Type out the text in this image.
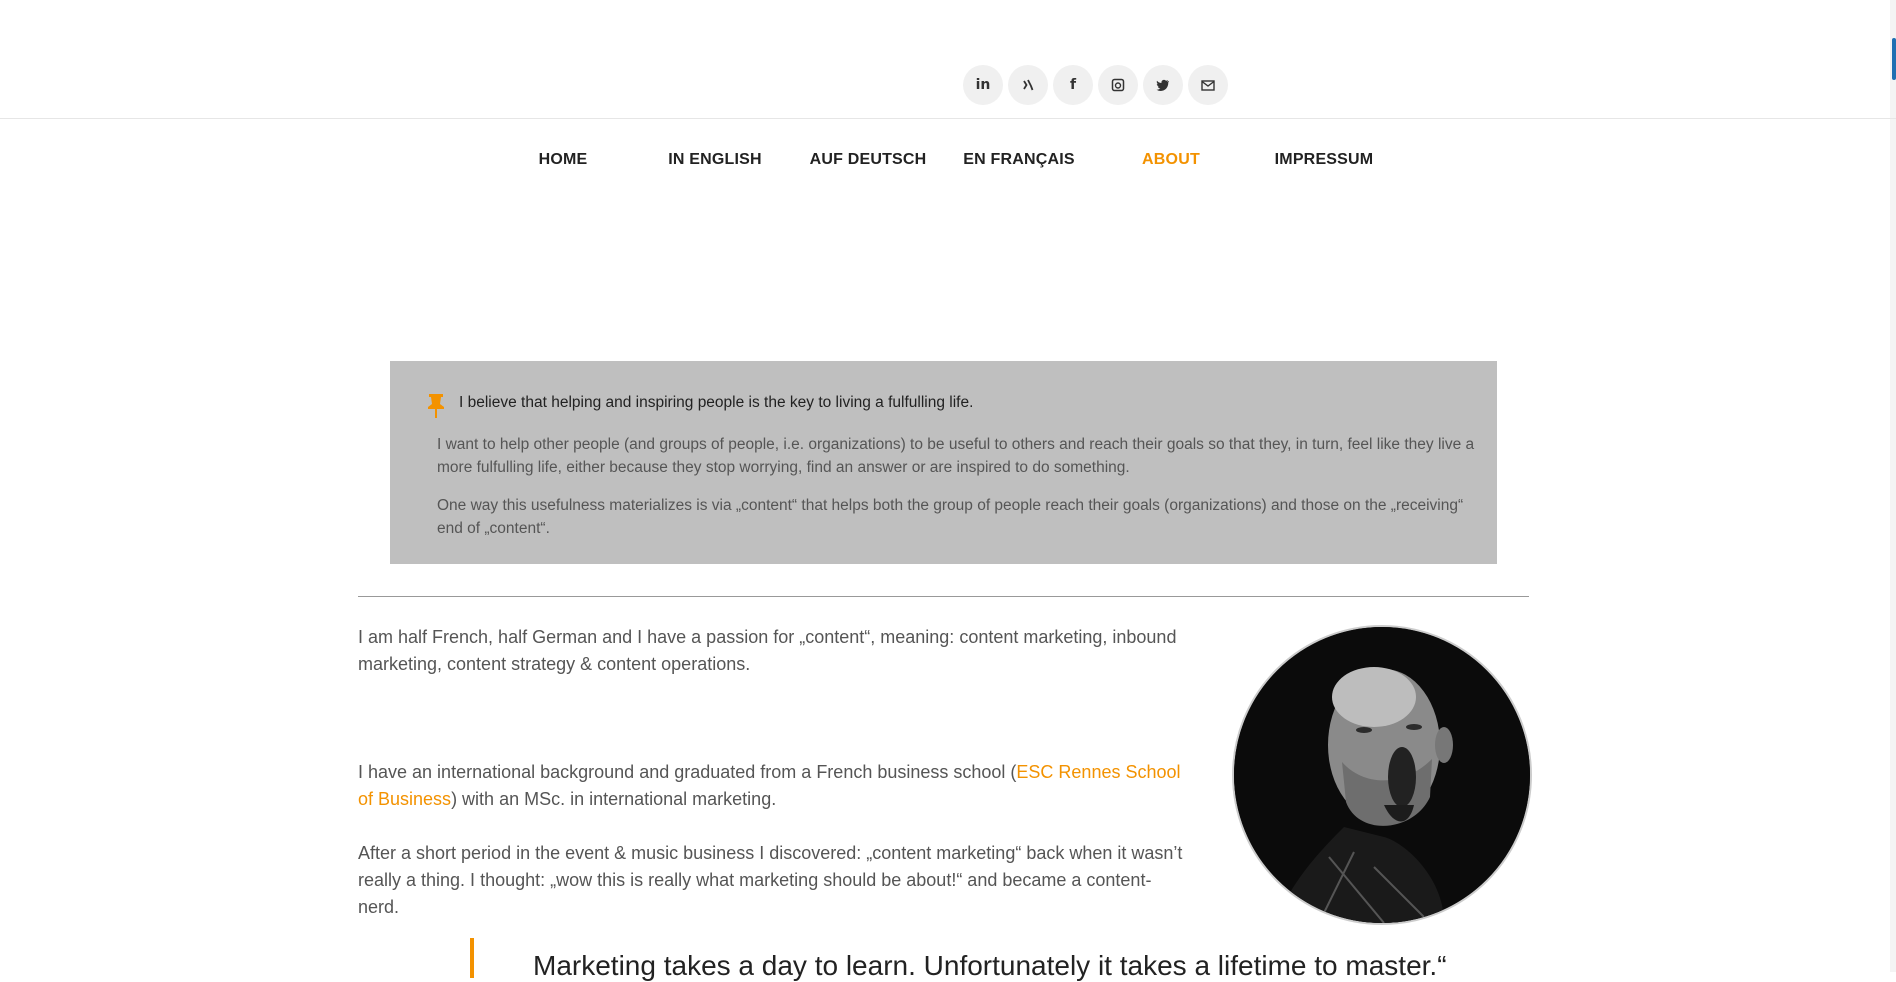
in	f
HOME	IN ENGLISH	AUF DEUTSCH EN FRANÇAIS	ABOUT	IMPRESSUM
I believe that helping and inspiring people is the key to living a fulfulling life.

I want to help other people (and groups of people, i.e. organizations) to be useful to others and reach their goals so that they, in turn, feel like they live a more fulfulling life, either because they stop worrying, find an answer or are inspired to do something.

One way this usefulness materializes is via „content“ that helps both the group of people reach their goals (organizations) and those on the „receiving“ end of „content“.

I am half French, half German and I have a passion for „content“, meaning: content marketing, inbound marketing, content strategy & content operations.

I have an international background and graduated from a French business school (ESC Rennes School of Business) with an MSc. in international marketing.

After a short period in the event & music business I discovered: „content marketing“ back when it wasn’t really a thing. I thought: „wow this is really what marketing should be about!“ and became a content-nerd.

Marketing takes a day to learn. Unfortunately it takes a lifetime to master.“
